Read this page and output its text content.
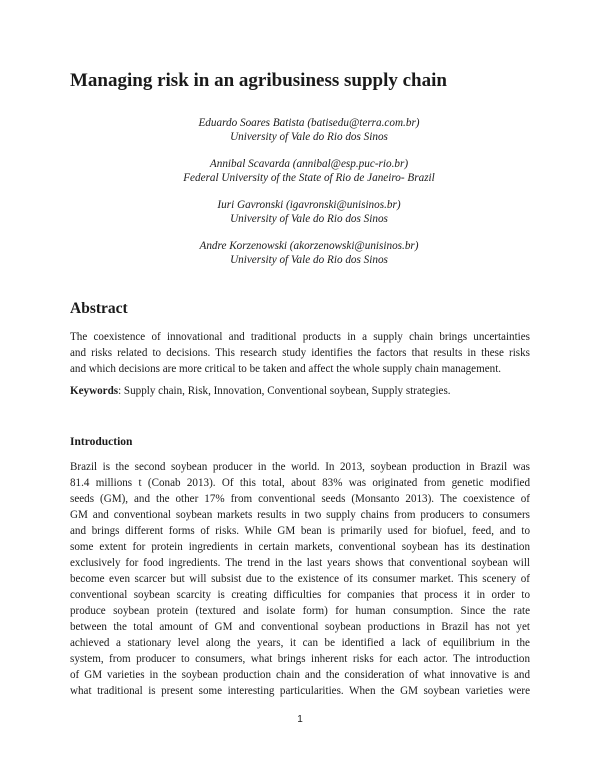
Managing risk in an agribusiness supply chain
Eduardo Soares Batista (batisedu@terra.com.br)
University of Vale do Rio dos Sinos
Annibal Scavarda (annibal@esp.puc-rio.br)
Federal University of the State of Rio de Janeiro- Brazil
Iuri Gavronski (igavronski@unisinos.br)
University of Vale do Rio dos Sinos
Andre Korzenowski (akorzenowski@unisinos.br)
University of Vale do Rio dos Sinos
Abstract
The coexistence of innovational and traditional products in a supply chain brings uncertainties
and risks related to decisions. This research study identifies the factors that results in these risks
and which decisions are more critical to be taken and affect the whole supply chain management.
Keywords: Supply chain, Risk, Innovation, Conventional soybean, Supply strategies.
Introduction
Brazil is the second soybean producer in the world. In 2013, soybean production in Brazil was
81.4 millions t (Conab 2013). Of this total, about 83% was originated from genetic modified
seeds (GM), and the other 17% from conventional seeds (Monsanto 2013). The coexistence of
GM and conventional soybean markets results in two supply chains from producers to consumers
and brings different forms of risks. While GM bean is primarily used for biofuel, feed, and to
some extent for protein ingredients in certain markets, conventional soybean has its destination
exclusively for food ingredients. The trend in the last years shows that conventional soybean will
become even scarcer but will subsist due to the existence of its consumer market. This scenery of
conventional soybean scarcity is creating difficulties for companies that process it in order to
produce soybean protein (textured and isolate form) for human consumption. Since the rate
between the total amount of GM and conventional soybean productions in Brazil has not yet
achieved a stationary level along the years, it can be identified a lack of equilibrium in the
system, from producer to consumers, what brings inherent risks for each actor. The introduction
of GM varieties in the soybean production chain and the consideration of what innovative is and
what traditional is present some interesting particularities. When the GM soybean varieties were
1
